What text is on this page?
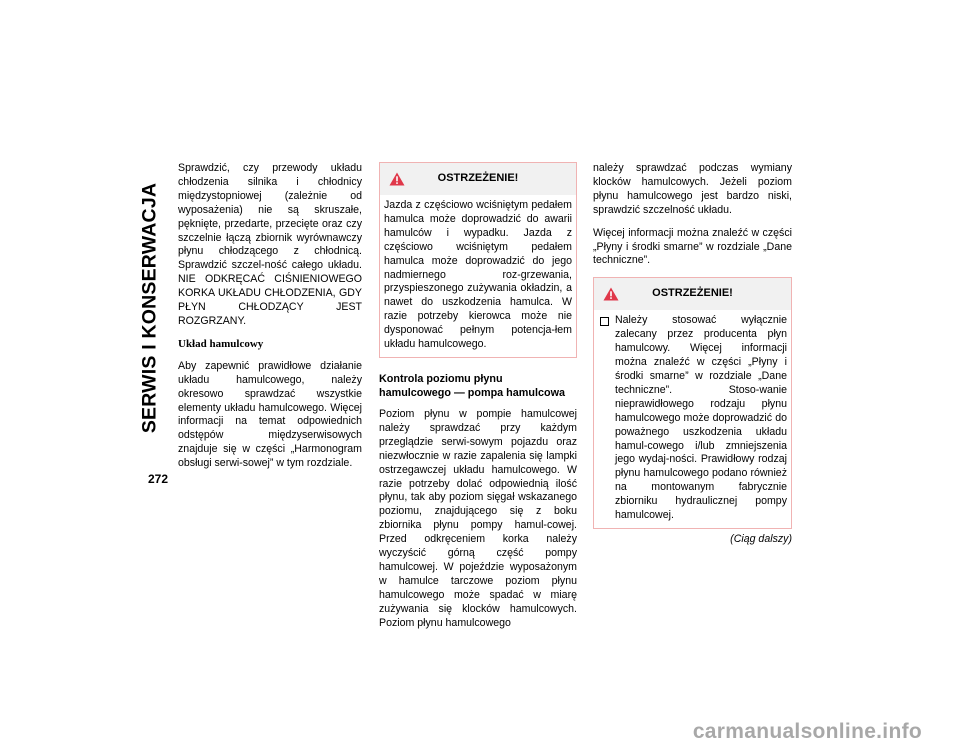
SERWIS I KONSERWACJA
272

Sprawdzić, czy przewody układu chłodzenia silnika i chłodnicy międzystopniowej (zależnie od wyposażenia) nie są skruszałe, pęknięte, przedarte, przecięte oraz czy szczelnie łączą zbiornik wyrównawczy płynu chłodzącego z chłodnicą. Sprawdzić szczel-ność całego układu. NIE ODKRĘCAĆ CIŚNIENIOWEGO KORKA UKŁADU CHŁODZENIA, GDY PŁYN CHŁODZĄCY JEST ROZGRZANY.

Układ hamulcowy

Aby zapewnić prawidłowe działanie układu hamulcowego, należy okresowo sprawdzać wszystkie elementy układu hamulcowego. Więcej informacji na temat odpowiednich odstępów międzyserwisowych znajduje się w części „Harmonogram obsługi serwi-sowej” w tym rozdziale.

OSTRZEŻENIE!

Jazda z częściowo wciśniętym pedałem hamulca może doprowadzić do awarii hamulców i wypadku. Jazda z częściowo wciśniętym pedałem hamulca może doprowadzić do jego nadmiernego roz-grzewania, przyspieszonego zużywania okładzin, a nawet do uszkodzenia hamulca. W razie potrzeby kierowca może nie dysponować pełnym potencja-łem układu hamulcowego.

Kontrola poziomu płynu hamulcowego — pompa hamulcowa

Poziom płynu w pompie hamulcowej należy sprawdzać przy każdym przeglądzie serwi-sowym pojazdu oraz niezwłocznie w razie zapalenia się lampki ostrzegawczej układu hamulcowego. W razie potrzeby dolać odpowiednią ilość płynu, tak aby poziom sięgał wskazanego poziomu, znajdującego się z boku zbiornika płynu pompy hamul-cowej. Przed odkręceniem korka należy wyczyścić górną część pompy hamulcowej. W pojeździe wyposażonym w hamulce tarczowe poziom płynu hamulcowego może spadać w miarę zużywania się klocków hamulcowych. Poziom płynu hamulcowego

należy sprawdzać podczas wymiany klocków hamulcowych. Jeżeli poziom płynu hamulcowego jest bardzo niski, sprawdzić szczelność układu.

Więcej informacji można znaleźć w części „Płyny i środki smarne” w rozdziale „Dane techniczne”.

OSTRZEŻENIE!
Należy stosować wyłącznie zalecany przez producenta płyn hamulcowy. Więcej informacji można znaleźć w części „Płyny i środki smarne” w rozdziale „Dane techniczne”. Stoso-wanie nieprawidłowego rodzaju płynu hamulcowego może doprowadzić do poważnego uszkodzenia układu hamul-cowego i/lub zmniejszenia jego wydaj-ności. Prawidłowy rodzaj płynu hamulcowego podano również na montowanym fabrycznie zbiorniku hydraulicznej pompy hamulcowej.
(Ciąg dalszy)
carmanualsonline.info
